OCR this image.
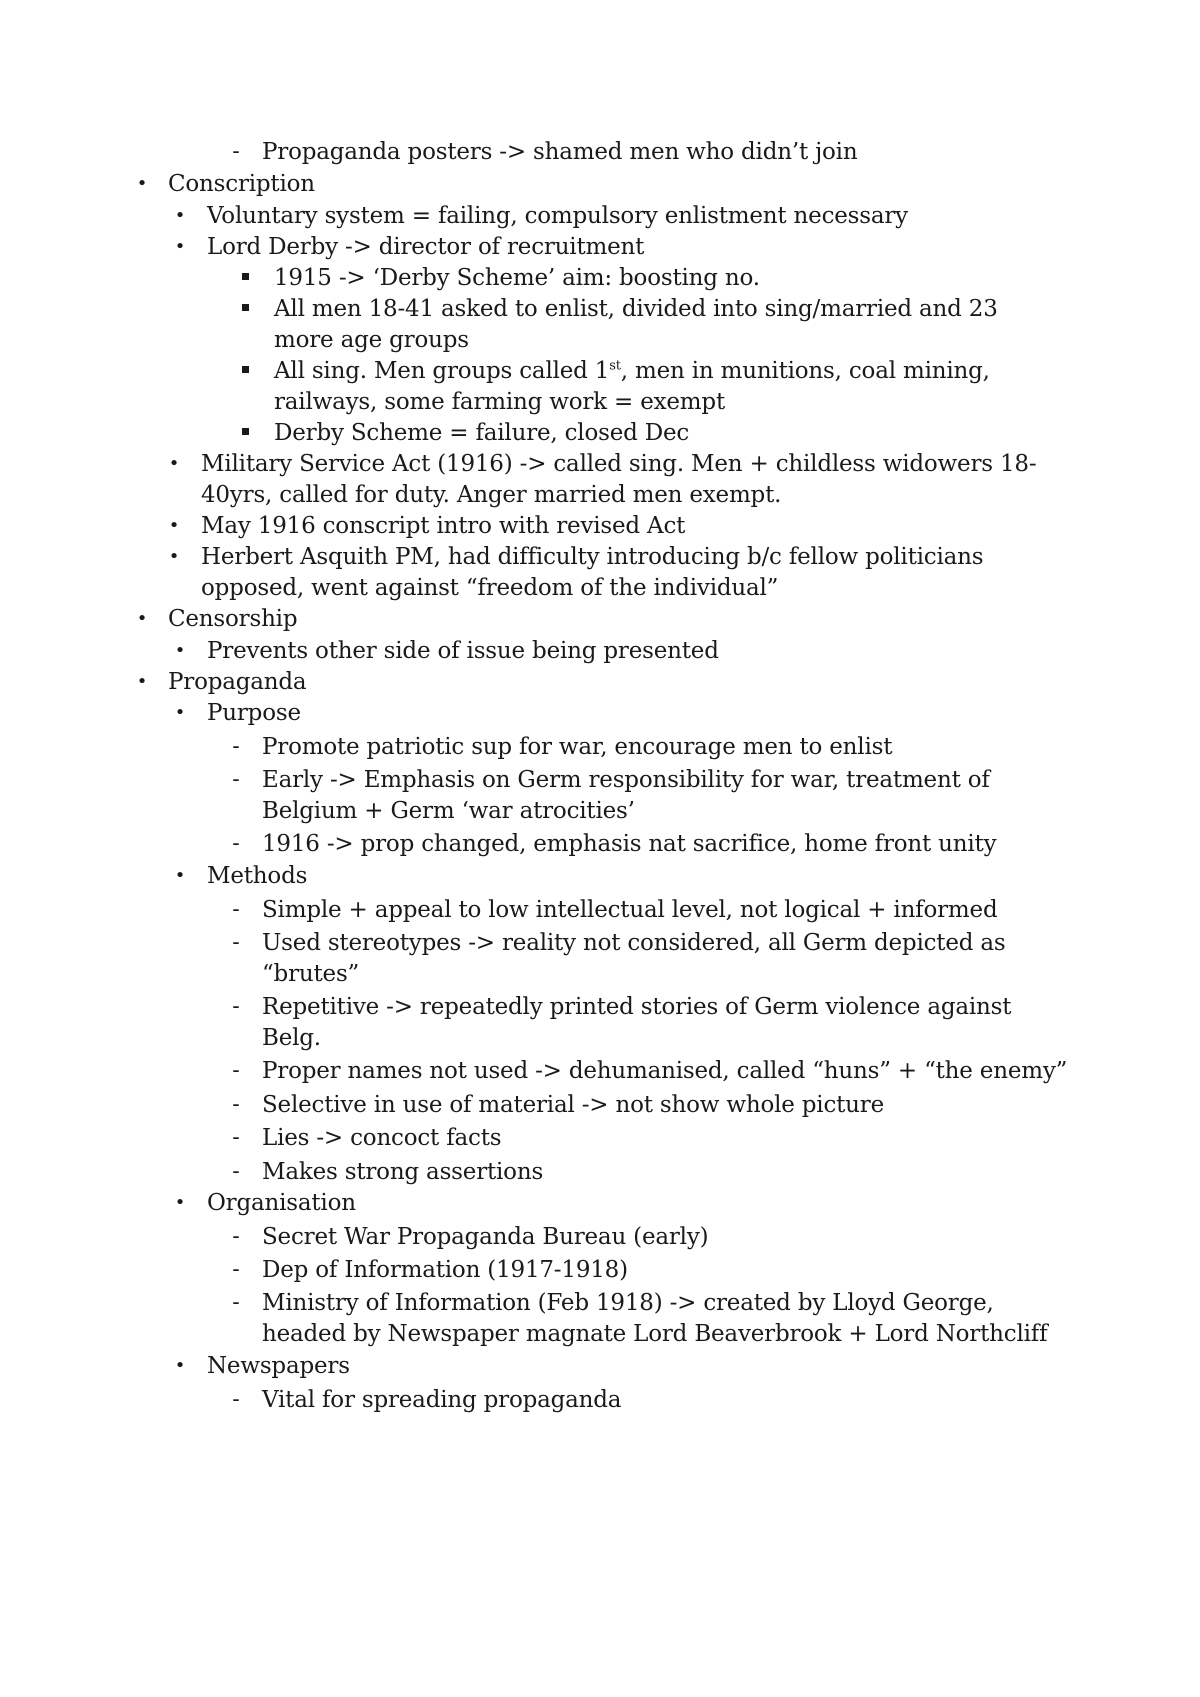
- Propaganda posters -> shamed men who didn’t join
• Conscription
• Voluntary system = failing, compulsory enlistment necessary
• Lord Derby -> director of recruitment
1915 -> ‘Derby Scheme’ aim: boosting no.
All men 18-41 asked to enlist, divided into sing/married and 23
more age groups
All sing. Men groups called 1st, men in munitions, coal mining,
railways, some farming work = exempt
Derby Scheme = failure, closed Dec
• Military Service Act (1916) -> called sing. Men + childless widowers 18-
40yrs, called for duty. Anger married men exempt.
• May 1916 conscript intro with revised Act
• Herbert Asquith PM, had difficulty introducing b/c fellow politicians
opposed, went against “freedom of the individual”
• Censorship
• Prevents other side of issue being presented
• Propaganda
• Purpose
- Promote patriotic sup for war, encourage men to enlist
- Early -> Emphasis on Germ responsibility for war, treatment of
Belgium + Germ ‘war atrocities’
- 1916 -> prop changed, emphasis nat sacrifice, home front unity
• Methods
- Simple + appeal to low intellectual level, not logical + informed
- Used stereotypes -> reality not considered, all Germ depicted as
“brutes”
- Repetitive -> repeatedly printed stories of Germ violence against
Belg.
- Proper names not used -> dehumanised, called “huns” + “the enemy”
- Selective in use of material -> not show whole picture
- Lies -> concoct facts
- Makes strong assertions
• Organisation
- Secret War Propaganda Bureau (early)
- Dep of Information (1917-1918)
- Ministry of Information (Feb 1918) -> created by Lloyd George,
headed by Newspaper magnate Lord Beaverbrook + Lord Northcliff
• Newspapers
- Vital for spreading propaganda
